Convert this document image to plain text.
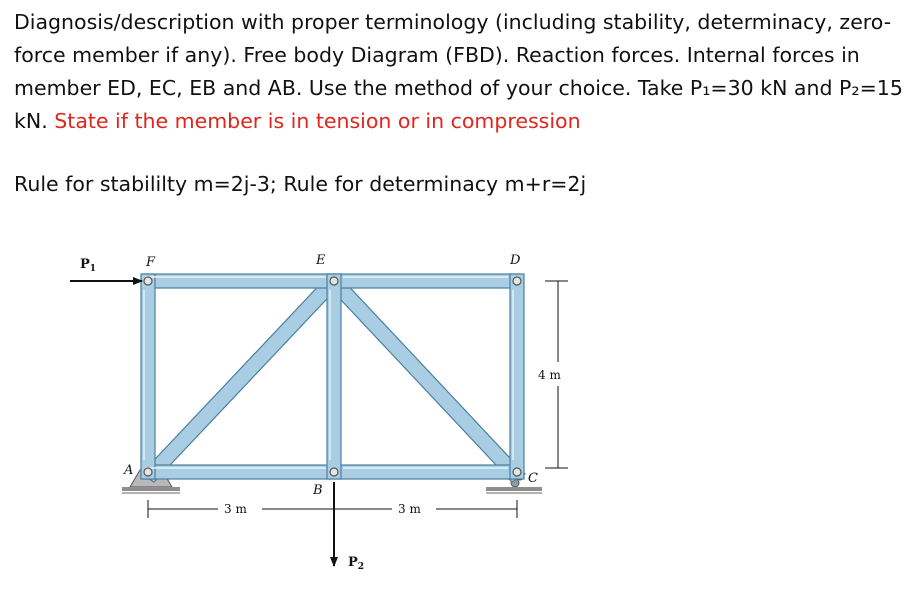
Diagnosis/description with proper terminology (including stability, determinacy, zero-force member if any). Free body Diagram (FBD). Reaction forces. Internal forces in member ED, EC, EB and AB. Use the method of your choice. Take P₁=30 kN and P₂=15 kN. State if the member is in tension or in compression
Rule for stabililty m=2j-3; Rule for determinacy m+r=2j
$P_1$
$P_2$
F	E	D
A
B
C
3 m	3 m
4 m
